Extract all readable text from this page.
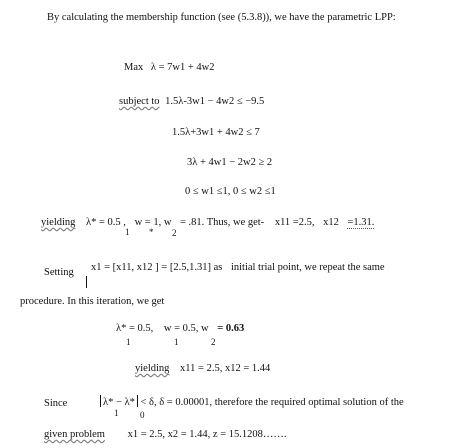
By calculating the membership function (see (5.3.8)), we have the parametric LPP:
Max λ = 7w1 + 4w2
subject to 1.5λ-3w1 − 4w2 ≤ −9.5
1.5λ+3w1 + 4w2 ≤ 7
3λ + 4w1 − 2w2 ≥ 2
0 ≤ w1 ≤1, 0 ≤ w2 ≤1
yielding λ* = 0.5 , w = 1, w
1 * 2
= .81. Thus, we get- x11 =2.5, x12 =1.31.
Setting x1 = [x11, x12 ] = [2.5,1.31] as initial trial point, we repeat the same
procedure. In this iteration, we get
λ* = 0.5, w = 0.5, w = 0.63
1	1	2
yielding x11 = 2.5, x12 = 1.44
Since	λ* − λ* < δ, δ = 0.00001, therefore the required optimal solution of the
1 0
given problem x1 = 2.5, x2 = 1.44, z = 15.1208…….
